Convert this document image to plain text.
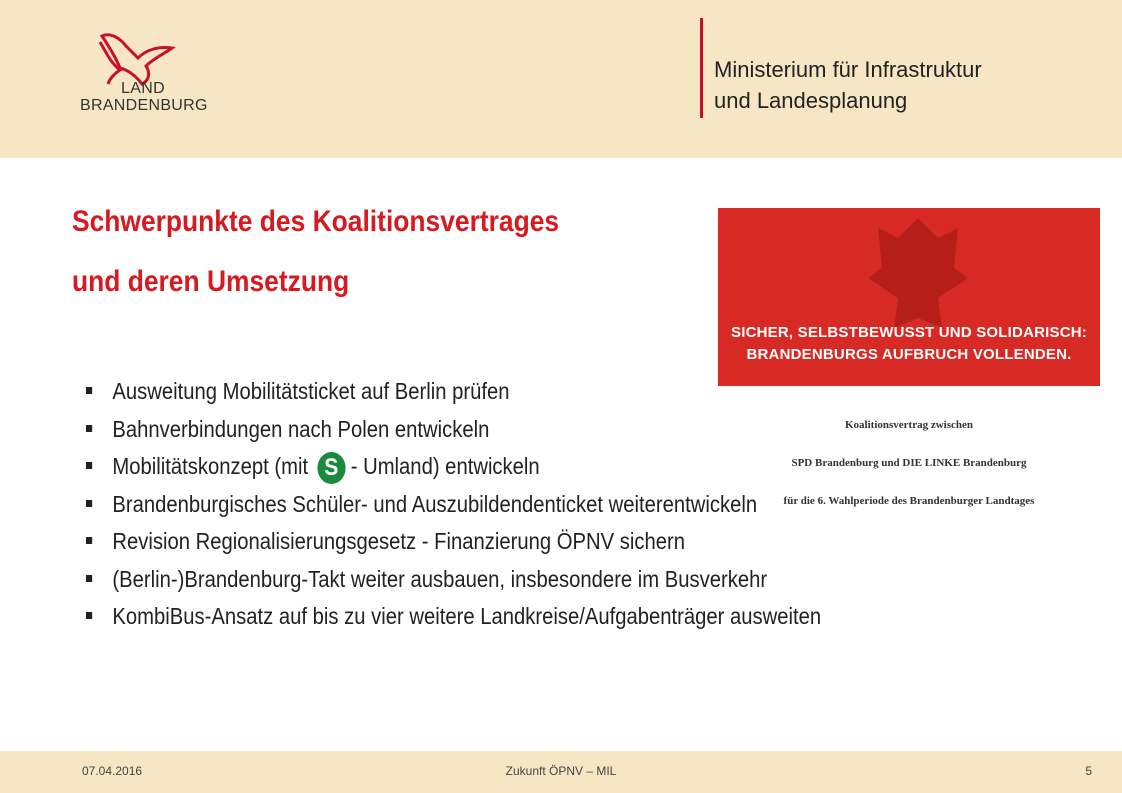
LAND
BRANDENBURG
Ministerium für Infrastruktur
und Landesplanung
Schwerpunkte des Koalitionsvertrages
und deren Umsetzung
SICHER, SELBSTBEWUSST UND SOLIDARISCH:
BRANDENBURGS AUFBRUCH VOLLENDEN.
Koalitionsvertrag zwischen
SPD Brandenburg und DIE LINKE Brandenburg
für die 6. Wahlperiode des Brandenburger Landtages
Ausweitung Mobilitätsticket auf Berlin prüfen
Bahnverbindungen nach Polen entwickeln
Mobilitätskonzept (mit S - Umland) entwickeln
Brandenburgisches Schüler- und Auszubildendenticket weiterentwickeln
Revision Regionalisierungsgesetz - Finanzierung ÖPNV sichern
(Berlin-)Brandenburg-Takt weiter ausbauen, insbesondere im Busverkehr
KombiBus-Ansatz auf bis zu vier weitere Landkreise/Aufgabenträger ausweiten
07.04.2016	Zukunft ÖPNV – MIL	5
